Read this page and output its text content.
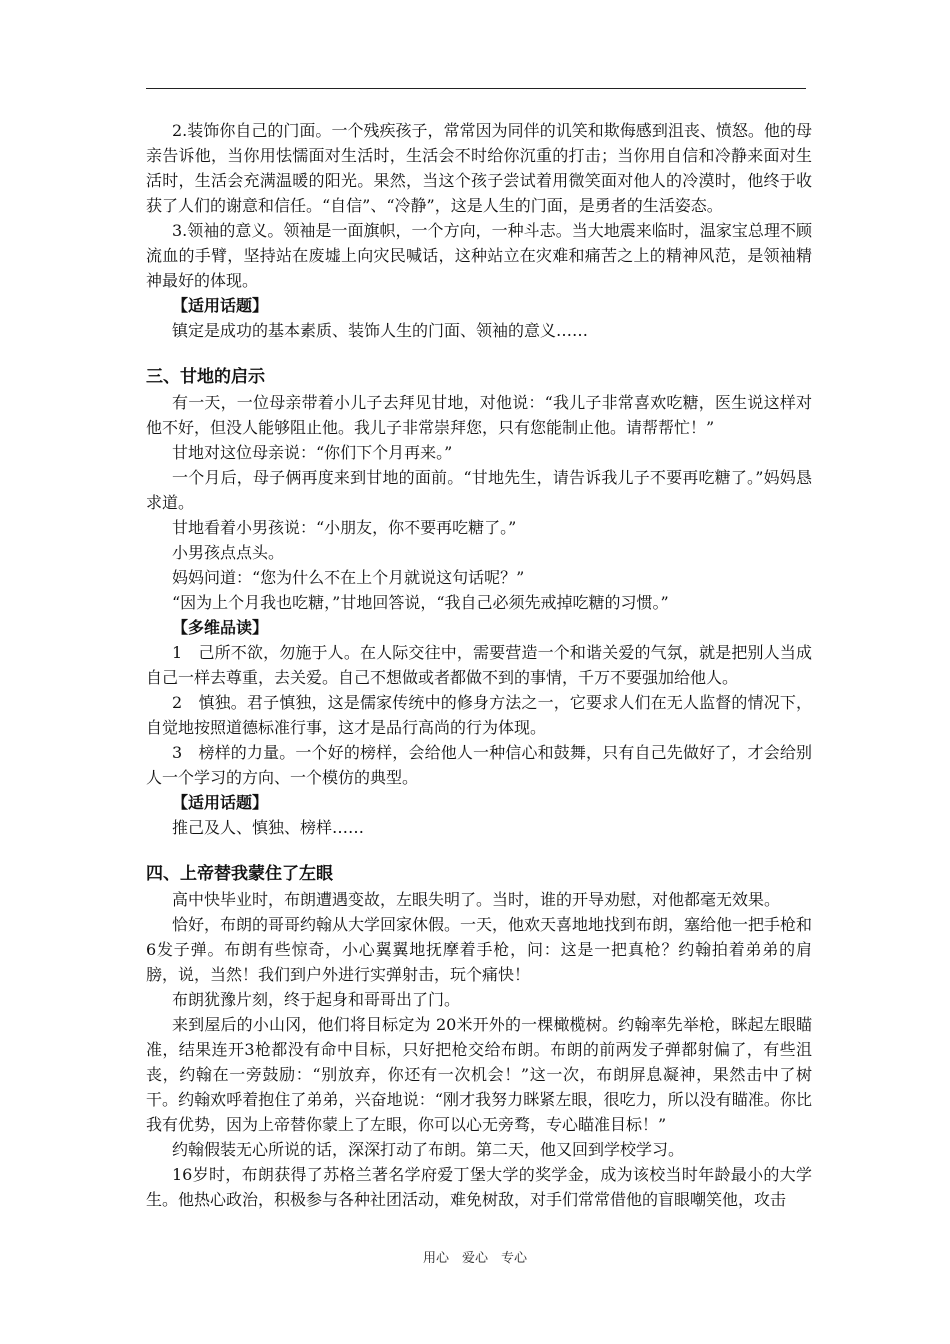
2.装饰你自己的门面。一个残疾孩子，常常因为同伴的讥笑和欺侮感到沮丧、愤怒。他的母亲告诉他，当你用怯懦面对生活时，生活会不时给你沉重的打击；当你用自信和冷静来面对生活时，生活会充满温暖的阳光。果然，当这个孩子尝试着用微笑面对他人的冷漠时，他终于收获了人们的谢意和信任。“自信”、“冷静”，这是人生的门面，是勇者的生活姿态。

3.领袖的意义。领袖是一面旗帜，一个方向，一种斗志。当大地震来临时，温家宝总理不顾流血的手臂，坚持站在废墟上向灾民喊话，这种站立在灾难和痛苦之上的精神风范，是领袖精神最好的体现。

【适用话题】

镇定是成功的基本素质、装饰人生的门面、领袖的意义……

三、甘地的启示

有一天，一位母亲带着小儿子去拜见甘地，对他说：“我儿子非常喜欢吃糖，医生说这样对他不好，但没人能够阻止他。我儿子非常崇拜您，只有您能制止他。请帮帮忙！”

甘地对这位母亲说：“你们下个月再来。”

一个月后，母子俩再度来到甘地的面前。“甘地先生，请告诉我儿子不要再吃糖了。”妈妈恳求道。

甘地看着小男孩说：“小朋友，你不要再吃糖了。”

小男孩点点头。

妈妈问道：“您为什么不在上个月就说这句话呢？”

“因为上个月我也吃糖，”甘地回答说，“我自己必须先戒掉吃糖的习惯。”

【多维品读】

1　己所不欲，勿施于人。在人际交往中，需要营造一个和谐关爱的气氛，就是把别人当成自己一样去尊重，去关爱。自己不想做或者都做不到的事情，千万不要强加给他人。

2　慎独。君子慎独，这是儒家传统中的修身方法之一，它要求人们在无人监督的情况下，自觉地按照道德标准行事，这才是品行高尚的行为体现。

3　榜样的力量。一个好的榜样，会给他人一种信心和鼓舞，只有自己先做好了，才会给别人一个学习的方向、一个模仿的典型。

【适用话题】

推己及人、慎独、榜样……

四、上帝替我蒙住了左眼

高中快毕业时，布朗遭遇变故，左眼失明了。当时，谁的开导劝慰，对他都毫无效果。

恰好，布朗的哥哥约翰从大学回家休假。一天，他欢天喜地地找到布朗，塞给他一把手枪和6发子弹。布朗有些惊奇，小心翼翼地抚摩着手枪，问：这是一把真枪？约翰拍着弟弟的肩膀，说，当然！我们到户外进行实弹射击，玩个痛快！

布朗犹豫片刻，终于起身和哥哥出了门。

来到屋后的小山冈，他们将目标定为 20米开外的一棵橄榄树。约翰率先举枪，眯起左眼瞄准，结果连开3枪都没有命中目标，只好把枪交给布朗。布朗的前两发子弹都射偏了，有些沮丧，约翰在一旁鼓励：“别放弃，你还有一次机会！”这一次，布朗屏息凝神，果然击中了树干。约翰欢呼着抱住了弟弟，兴奋地说：“刚才我努力眯紧左眼，很吃力，所以没有瞄准。你比我有优势，因为上帝替你蒙上了左眼，你可以心无旁骛，专心瞄准目标！”

约翰假装无心所说的话，深深打动了布朗。第二天，他又回到学校学习。

16岁时，布朗获得了苏格兰著名学府爱丁堡大学的奖学金，成为该校当时年龄最小的大学生。他热心政治，积极参与各种社团活动，难免树敌，对手们常常借他的盲眼嘲笑他，攻击

用心　爱心　专心
